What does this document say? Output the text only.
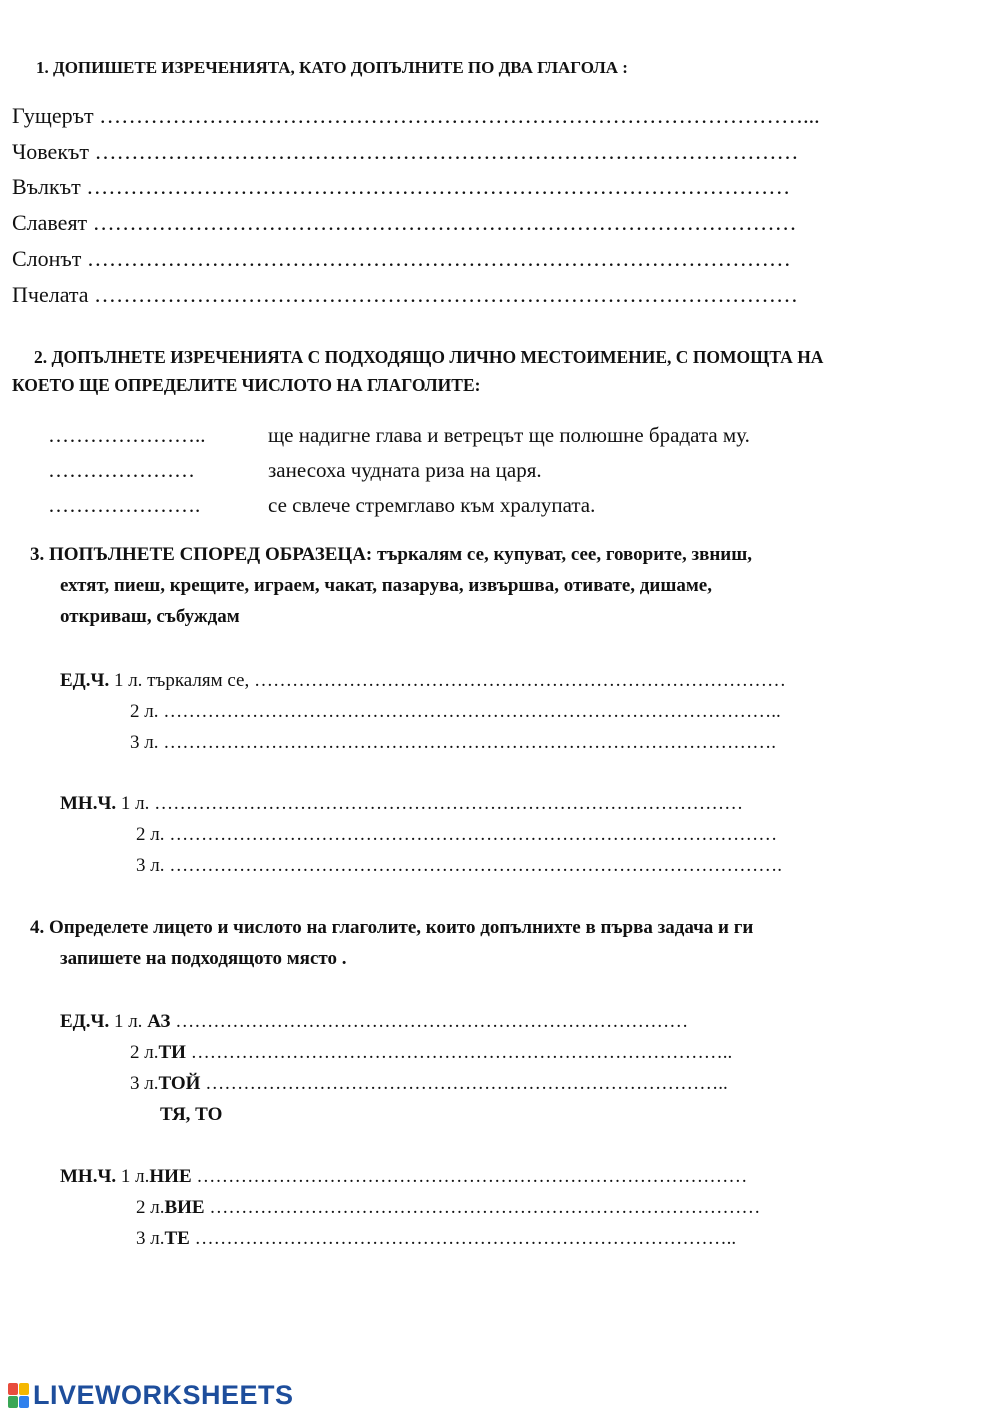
1. ДОПИШЕТЕ ИЗРЕЧЕНИЯТА, КАТО ДОПЪЛНИТЕ ПО ДВА ГЛАГОЛА :
Гущерът ……………………………………………………………………………………...
Човекът ……………………………………………………………………………………
Вълкът ……………………………………………………………………………………
Славеят ……………………………………………………………………………………
Слонът ……………………………………………………………………………………
Пчелата ……………………………………………………………………………………
2. ДОПЪЛНЕТЕ ИЗРЕЧЕНИЯТА С ПОДХОДЯЩО ЛИЧНО МЕСТОИМЕНИЕ, С ПОМОЩТА НА
КОЕТО ЩЕ ОПРЕДЕЛИТЕ ЧИСЛОТО НА ГЛАГОЛИТЕ:
…………………..	ще надигне глава и ветрецът ще полюшне брадата му.
…………………	занесоха чудната риза на царя.
………………….	се свлече стремглаво към хралупата.
3. ПОПЪЛНЕТЕ СПОРЕД ОБРАЗЕЦА: търкалям се, купуват, сее, говорите, звниш,
ехтят, пиеш, крещите, играем, чакат, пазарува, извършва, отивате, дишаме,
откриваш, събуждам
ЕД.Ч. 1 л. търкалям се, …………………………………………………………………………
2 л. ……………………………………………………………………………………..
3 л. …………………………………………………………………………………….
МН.Ч. 1 л. …………………………………………………………………………………
2 л. ……………………………………………………………………………………
3 л. …………………………………………………………………………………….
4. Определете лицето и числото на глаголите, които допълнихте в първа задача и ги
запишете на подходящото място .
ЕД.Ч. 1 л. АЗ ………………………………………………………………………
2 л.ТИ …………………………………………………………………………..
3 л.ТОЙ ………………………………………………………………………..
ТЯ, ТО
МН.Ч. 1 л.НИЕ ……………………………………………………………………………
2 л.ВИЕ ……………………………………………………………………………
3 л.ТЕ …………………………………………………………………………..
LIVEWORKSHEETS
